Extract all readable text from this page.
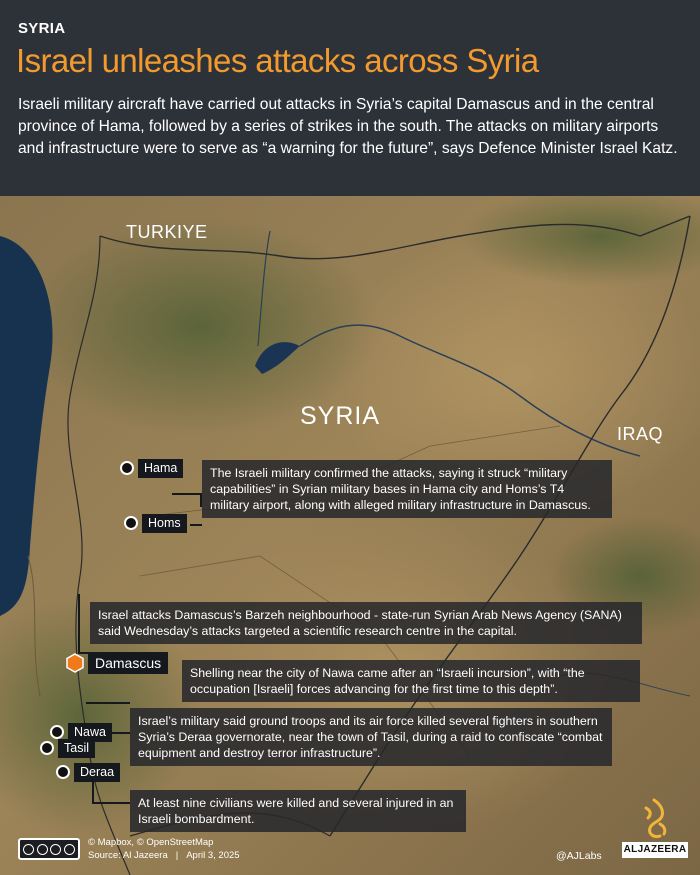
SYRIA
Israel unleashes attacks across Syria
Israeli military aircraft have carried out attacks in Syria’s capital Damascus and in the central province of Hama, followed by a series of strikes in the south. The attacks on military airports and infrastructure were to serve as “a warning for the future”, says Defence Minister Israel Katz.
TURKIYE
SYRIA
IRAQ
Hama
Homs
Damascus
Nawa
Tasil
Deraa
The Israeli military confirmed the attacks, saying it struck “military capabilities” in Syrian military bases in Hama city and Homs’s T4 military airport, along with alleged military infrastructure in Damascus.
Israel attacks Damascus’s Barzeh neighbourhood - state-run Syrian Arab News Agency (SANA) said Wednesday’s attacks targeted a scientific research centre in the capital.
Shelling near the city of Nawa came after an “Israeli incursion”, with “the occupation [Israeli] forces advancing for the first time to this depth”.
Israel’s military said ground troops and its air force killed several fighters in southern Syria’s Deraa governorate, near the town of Tasil, during a raid to confiscate “combat equipment and destroy terror infrastructure”.
At least nine civilians were killed and several injured in an Israeli bombardment.
© Mapbox, © OpenStreetMap
Source: Al Jazeera | April 3, 2025	@AJLabs
ALJAZEERA
